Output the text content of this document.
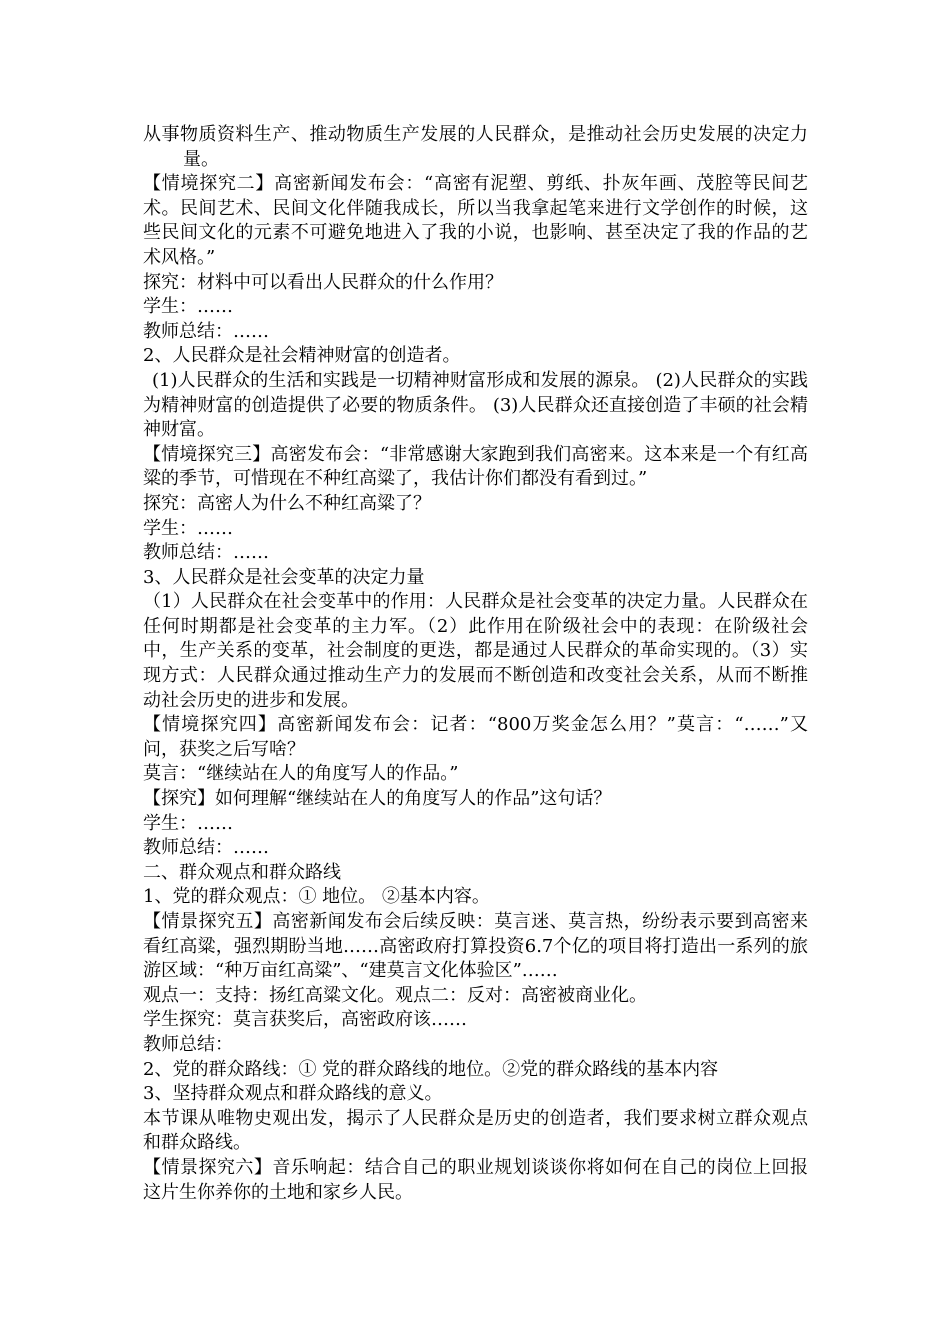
从事物质资料生产、推动物质生产发展的人民群众，是推动社会历史发展的决定力量。

【情境探究二】高密新闻发布会：“高密有泥塑、剪纸、扑灰年画、茂腔等民间艺术。民间艺术、民间文化伴随我成长，所以当我拿起笔来进行文学创作的时候，这些民间文化的元素不可避免地进入了我的小说，也影响、甚至决定了我的作品的艺术风格。”

探究：材料中可以看出人民群众的什么作用？

学生：……

教师总结：……

2、人民群众是社会精神财富的创造者。

(1)人民群众的生活和实践是一切精神财富形成和发展的源泉。 (2)人民群众的实践为精神财富的创造提供了必要的物质条件。 (3)人民群众还直接创造了丰硕的社会精神财富。

【情境探究三】高密发布会：“非常感谢大家跑到我们高密来。这本来是一个有红高粱的季节，可惜现在不种红高粱了，我估计你们都没有看到过。”

探究：高密人为什么不种红高粱了？

学生：……

教师总结：……

3、人民群众是社会变革的决定力量

（1）人民群众在社会变革中的作用：人民群众是社会变革的决定力量。人民群众在任何时期都是社会变革的主力军。（2）此作用在阶级社会中的表现：在阶级社会中，生产关系的变革，社会制度的更迭，都是通过人民群众的革命实现的。（3）实现方式：人民群众通过推动生产力的发展而不断创造和改变社会关系，从而不断推动社会历史的进步和发展。

【情境探究四】高密新闻发布会：记者：“800万奖金怎么用？”莫言：“……”又问，获奖之后写啥？

莫言：“继续站在人的角度写人的作品。”

【探究】如何理解“继续站在人的角度写人的作品”这句话？

学生：……

教师总结：……

二、群众观点和群众路线

1、党的群众观点：① 地位。 ②基本内容。

【情景探究五】高密新闻发布会后续反映：莫言迷、莫言热，纷纷表示要到高密来看红高粱，强烈期盼当地……高密政府打算投资6.7个亿的项目将打造出一系列的旅游区域：“种万亩红高粱”、“建莫言文化体验区”……

观点一：支持：扬红高粱文化。观点二：反对：高密被商业化。

学生探究：莫言获奖后，高密政府该……

教师总结：

2、党的群众路线：① 党的群众路线的地位。②党的群众路线的基本内容

3、坚持群众观点和群众路线的意义。

本节课从唯物史观出发，揭示了人民群众是历史的创造者，我们要求树立群众观点和群众路线。

【情景探究六】音乐响起：结合自己的职业规划谈谈你将如何在自己的岗位上回报这片生你养你的土地和家乡人民。
